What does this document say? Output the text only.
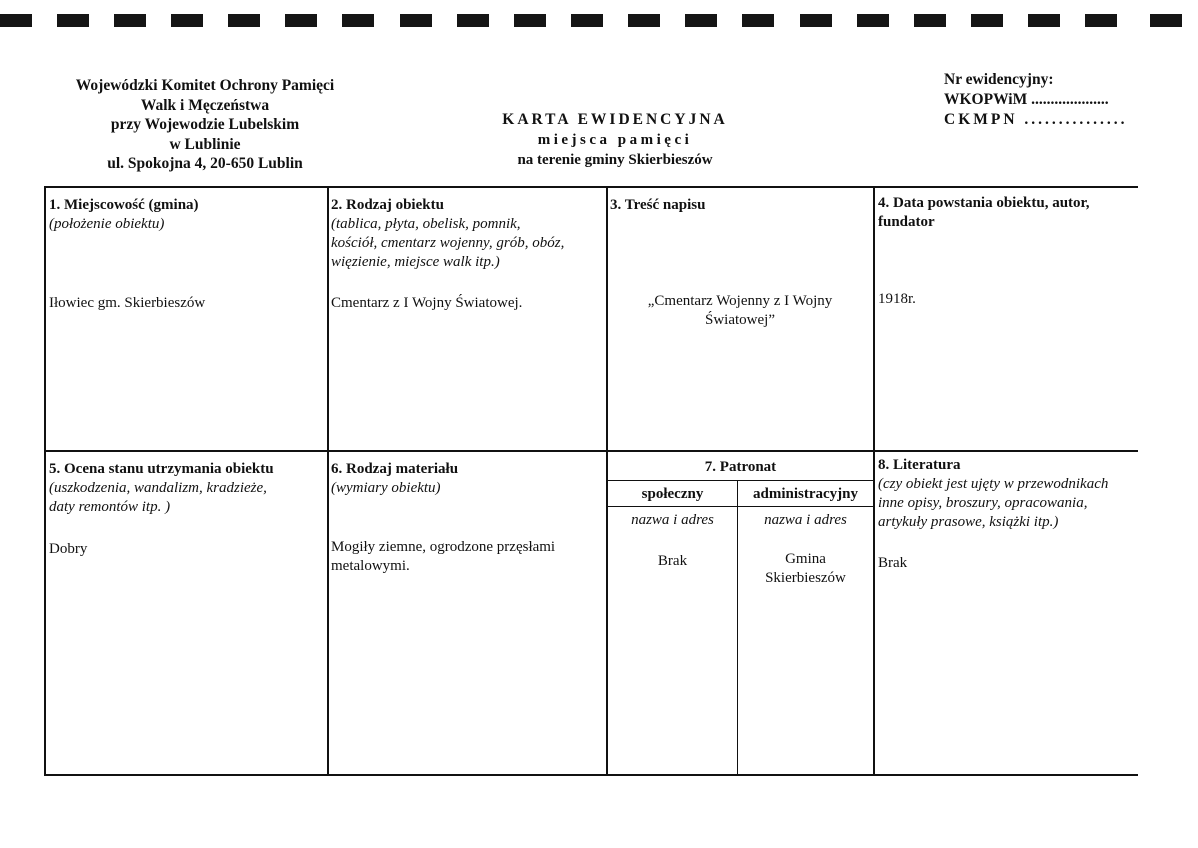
Wojewódzki Komitet Ochrony Pamięci
Walk i Męczeństwa
przy Wojewodzie Lubelskim
w Lublinie
ul. Spokojna 4, 20-650 Lublin
KARTA EWIDENCYJNA
miejsca pamięci
na terenie gminy Skierbieszów
Nr ewidencyjny:
WKOPWiM ....................
CKMPN ...............
1. Miejscowość (gmina)
(położenie obiektu)
Iłowiec gm. Skierbieszów
2. Rodzaj obiektu
(tablica, płyta, obelisk, pomnik,
kościół, cmentarz wojenny, grób, obóz,
więzienie, miejsce walk itp.)
Cmentarz z I Wojny Światowej.
3. Treść napisu
„Cmentarz Wojenny z I Wojny
Światowej”
4. Data powstania obiektu, autor,
fundator
1918r.
5. Ocena stanu utrzymania obiektu
(uszkodzenia, wandalizm, kradzieże,
daty remontów itp. )
Dobry
6. Rodzaj materiału
(wymiary obiektu)
Mogiły ziemne, ogrodzone przęsłami
metalowymi.
7. Patronat
społeczny	administracyjny
nazwa i adres	nazwa i adres
Brak	Gmina
Skierbieszów
8. Literatura
(czy obiekt jest ujęty w przewodnikach
inne opisy, broszury, opracowania,
artykuły prasowe, książki itp.)
Brak
